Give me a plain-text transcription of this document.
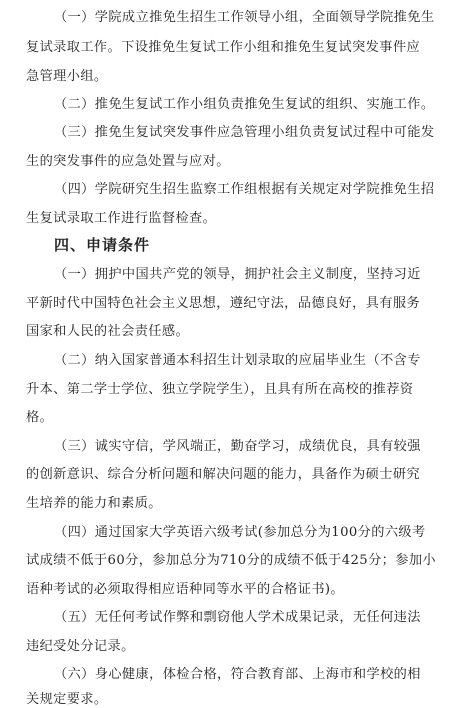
（一）学院成立推免生招生工作领导小组，全面领导学院推免生
复试录取工作。下设推免生复试工作小组和推免生复试突发事件应
急管理小组。
（二）推免生复试工作小组负责推免生复试的组织、实施工作。
（三）推免生复试突发事件应急管理小组负责复试过程中可能发
生的突发事件的应急处置与应对。
（四）学院研究生招生监察工作组根据有关规定对学院推免生招
生复试录取工作进行监督检查。
四、申请条件
（一）拥护中国共产党的领导，拥护社会主义制度，坚持习近
平新时代中国特色社会主义思想，遵纪守法，品德良好，具有服务
国家和人民的社会责任感。
（二）纳入国家普通本科招生计划录取的应届毕业生（不含专
升本、第二学士学位、独立学院学生），且具有所在高校的推荐资
格。
（三）诚实守信，学风端正，勤奋学习，成绩优良，具有较强
的创新意识、综合分析问题和解决问题的能力，具备作为硕士研究
生培养的能力和素质。
（四）通过国家大学英语六级考试(参加总分为100分的六级考
试成绩不低于60分，参加总分为710分的成绩不低于425分；参加小
语种考试的必须取得相应语种同等水平的合格证书)。
（五）无任何考试作弊和剽窃他人学术成果记录，无任何违法
违纪受处分记录。
（六）身心健康，体检合格，符合教育部、上海市和学校的相
关规定要求。
